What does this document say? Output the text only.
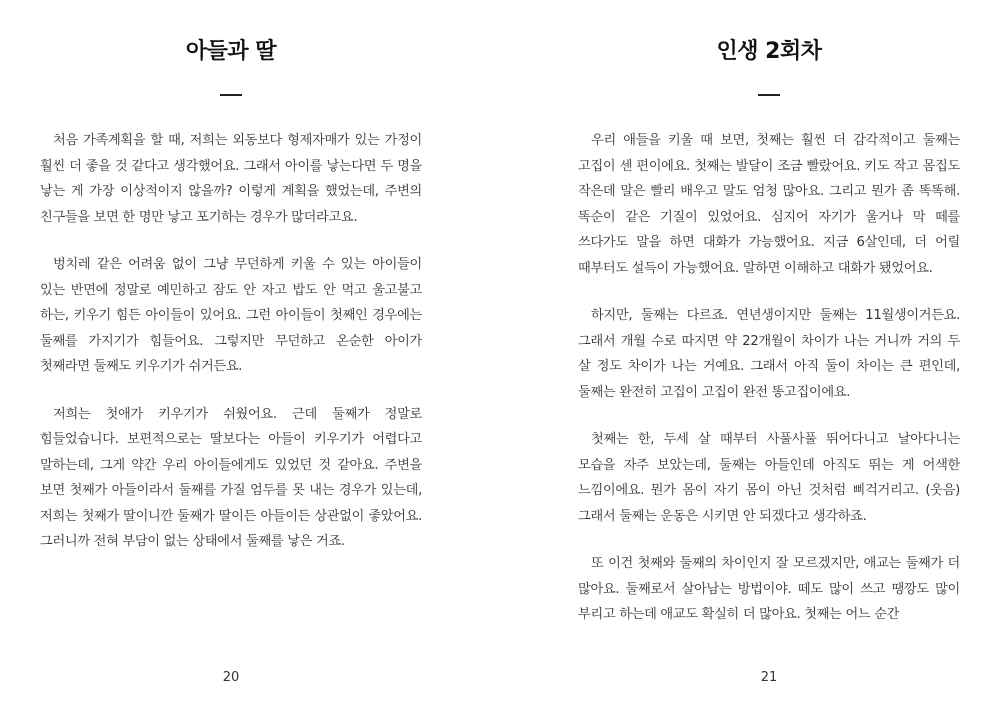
아들과 딸

처음 가족계획을 할 때, 저희는 외동보다 형제자매가 있는 가정이 훨씬 더 좋을 것 같다고 생각했어요. 그래서 아이를 낳는다면 두 명을 낳는 게 가장 이상적이지 않을까? 이렇게 계획을 했었는데, 주변의 친구들을 보면 한 명만 낳고 포기하는 경우가 많더라고요.

벙치레 같은 어려움 없이 그냥 무던하게 키울 수 있는 아이들이 있는 반면에 정말로 예민하고 잠도 안 자고 밥도 안 먹고 울고불고 하는, 키우기 힘든 아이들이 있어요. 그런 아이들이 첫째인 경우에는 둘째를 가지기가 힘들어요. 그렇지만 무던하고 온순한 아이가 첫째라면 둘째도 키우기가 쉬거든요.

저희는 첫애가 키우기가 쉬웠어요. 근데 둘째가 정말로 힘들었습니다. 보편적으로는 딸보다는 아들이 키우기가 어렵다고 말하는데, 그게 약간 우리 아이들에게도 있었던 것 같아요. 주변을 보면 첫째가 아들이라서 둘째를 가질 엄두를 못 내는 경우가 있는데, 저희는 첫째가 딸이니깐 둘째가 딸이든 아들이든 상관없이 좋았어요. 그러니까 전혀 부담이 없는 상태에서 둘째를 낳은 거죠.

20
인생 2회차

우리 애들을 키울 때 보면, 첫째는 훨씬 더 감각적이고 둘째는 고집이 센 편이에요. 첫째는 발달이 조금 빨랐어요. 키도 작고 몸집도 작은데 말은 빨리 배우고 말도 엄청 많아요. 그리고 뭔가 좀 똑똑해. 똑순이 같은 기질이 있었어요. 심지어 자기가 울거나 막 떼를 쓰다가도 말을 하면 대화가 가능했어요. 지금 6살인데, 더 어릴 때부터도 설득이 가능했어요. 말하면 이해하고 대화가 됐었어요.

하지만, 둘째는 다르죠. 연년생이지만 둘째는 11월생이거든요. 그래서 개월 수로 따지면 약 22개월이 차이가 나는 거니까 거의 두 살 정도 차이가 나는 거예요. 그래서 아직 둘이 차이는 큰 편인데, 둘째는 완전히 고집이 고집이 완전 똥고집이에요.

첫째는 한, 두세 살 때부터 사풀사풀 뛰어다니고 날아다니는 모습을 자주 보았는데, 둘째는 아들인데 아직도 뛰는 게 어색한 느낌이에요. 뭔가 몸이 자기 몸이 아닌 것처럼 삐걱거리고. (웃음) 그래서 둘째는 운동은 시키면 안 되겠다고 생각하죠.

또 이건 첫째와 둘째의 차이인지 잘 모르겠지만, 애교는 둘째가 더 많아요. 둘째로서 살아남는 방법이야. 떼도 많이 쓰고 땡깡도 많이 부리고 하는데 애교도 확실히 더 많아요. 첫째는 어느 순간

21
